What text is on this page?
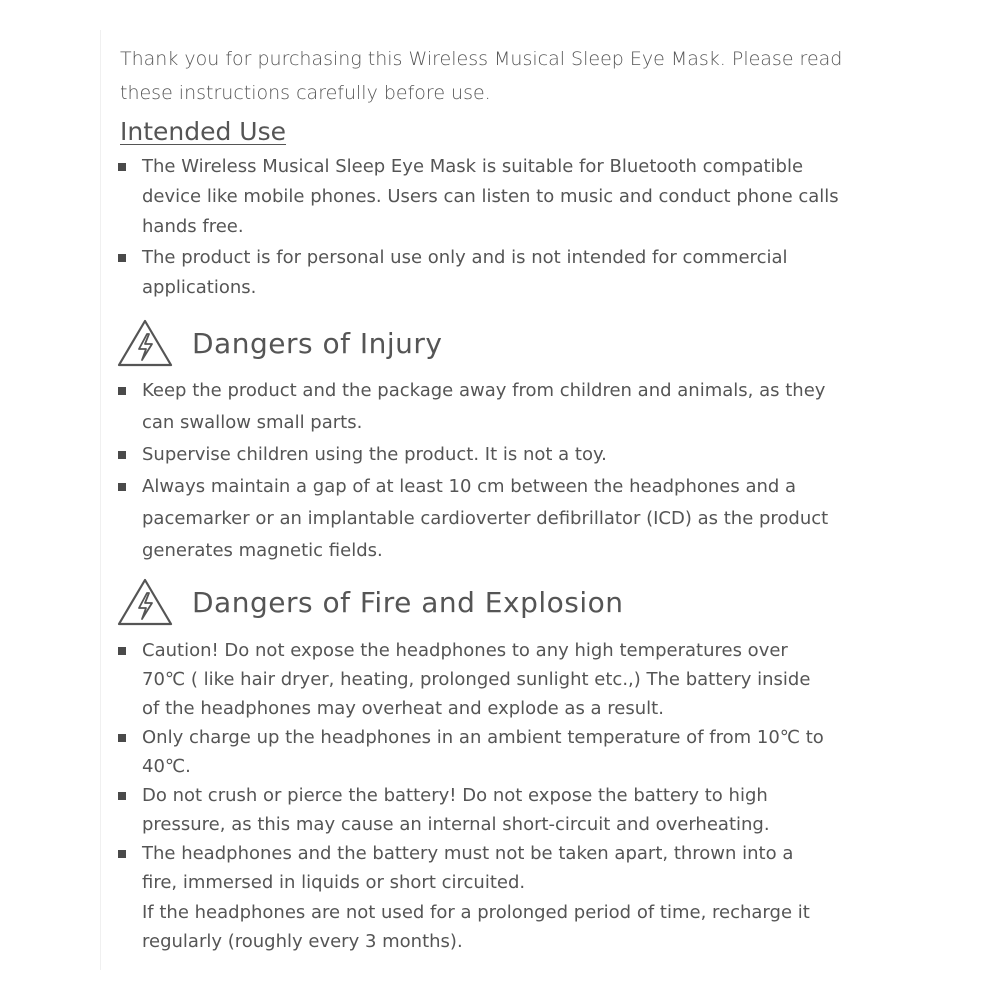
Thank you for purchasing this Wireless Musical Sleep Eye Mask. Please read
these instructions carefully before use.

Intended Use
The Wireless Musical Sleep Eye Mask is suitable for Bluetooth compatible
device like mobile phones. Users can listen to music and conduct phone calls
hands free.
The product is for personal use only and is not intended for commercial
applications.
Dangers of Injury
Keep the product and the package away from children and animals, as they
can swallow small parts.
Supervise children using the product. It is not a toy.
Always maintain a gap of at least 10 cm between the headphones and a
pacemarker or an implantable cardioverter defibrillator (ICD) as the product
generates magnetic fields.
Dangers of Fire and Explosion
Caution! Do not expose the headphones to any high temperatures over
70℃ ( like hair dryer, heating, prolonged sunlight etc.,) The battery inside
of the headphones may overheat and explode as a result.
Only charge up the headphones in an ambient temperature of from 10℃ to
40℃.
Do not crush or pierce the battery! Do not expose the battery to high
pressure, as this may cause an internal short-circuit and overheating.
The headphones and the battery must not be taken apart, thrown into a
fire, immersed in liquids or short circuited.

If the headphones are not used for a prolonged period of time, recharge it
regularly (roughly every 3 months).
